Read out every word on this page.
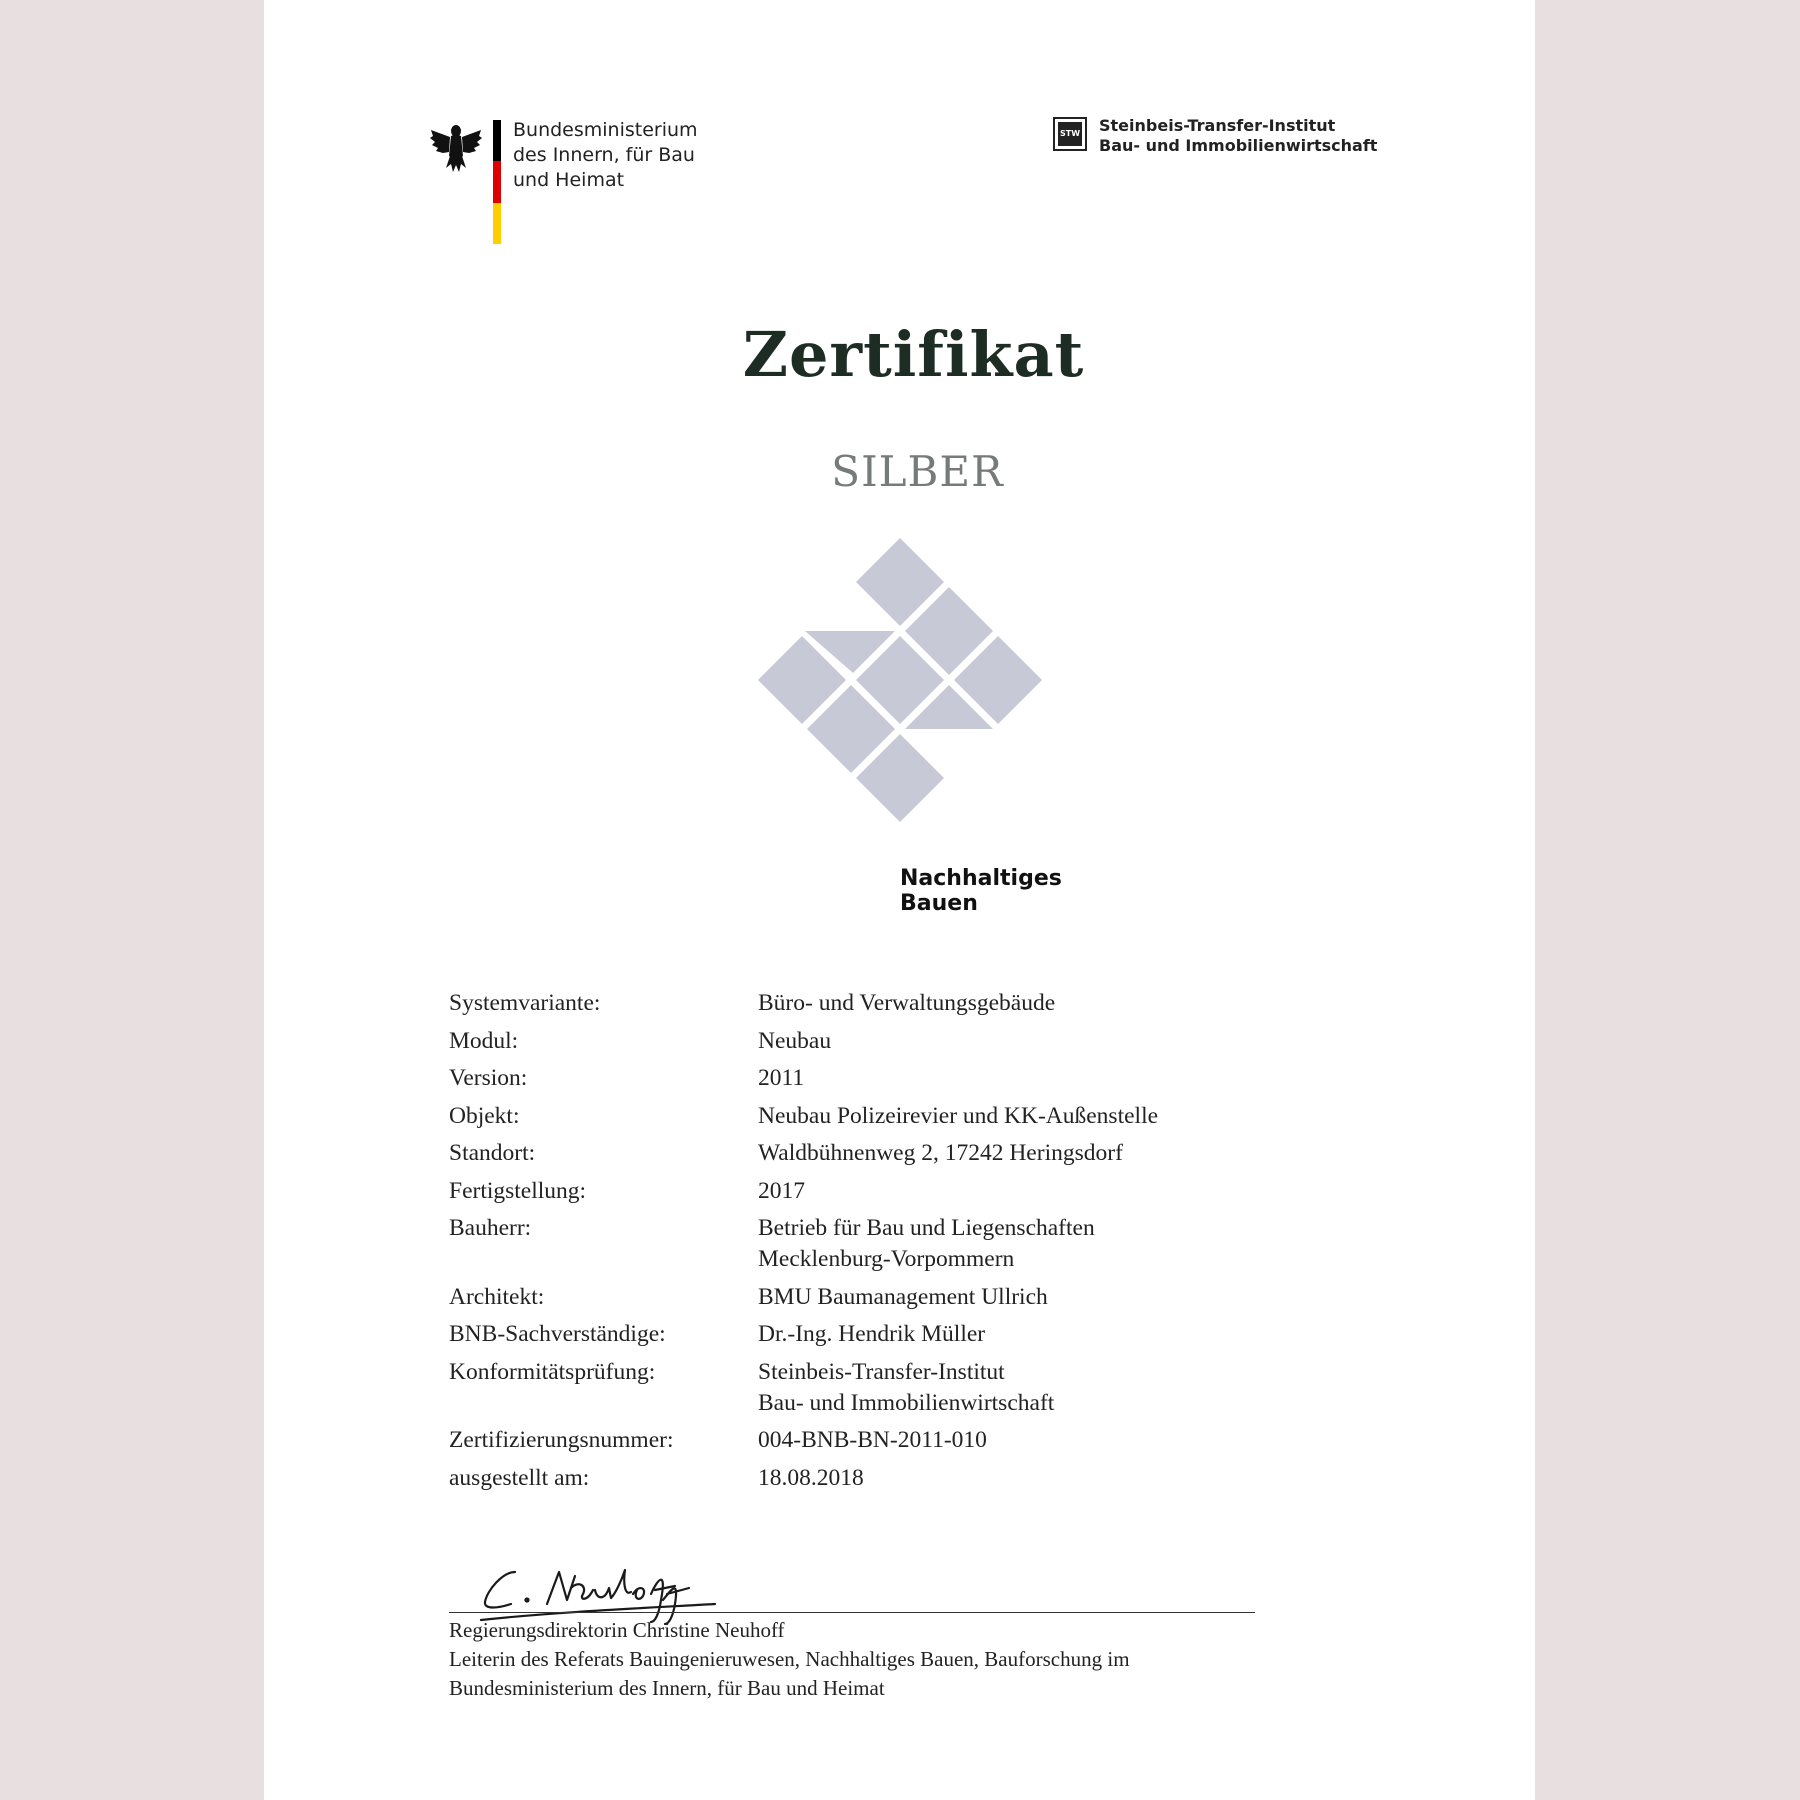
Bundesministerium
des Innern, für Bau
und Heimat
STW Steinbeis-Transfer-Institut
Bau- und Immobilienwirtschaft
Zertifikat
SILBER
Nachhaltiges
Bauen
Systemvariante:	Büro- und Verwaltungsgebäude
Modul:	Neubau
Version:	2011
Objekt:	Neubau Polizeirevier und KK-Außenstelle
Standort:	Waldbühnenweg 2, 17242 Heringsdorf
Fertigstellung:	2017
Bauherr:	Betrieb für Bau und Liegenschaften
Mecklenburg-Vorpommern
Architekt:	BMU Baumanagement Ullrich
BNB-Sachverständige:	Dr.-Ing. Hendrik Müller
Konformitätsprüfung:	Steinbeis-Transfer-Institut
Bau- und Immobilienwirtschaft
Zertifizierungsnummer:	004-BNB-BN-2011-010
ausgestellt am:	18.08.2018
Regierungsdirektorin Christine Neuhoff
Leiterin des Referats Bauingenieruwesen, Nachhaltiges Bauen, Bauforschung im
Bundesministerium des Innern, für Bau und Heimat
